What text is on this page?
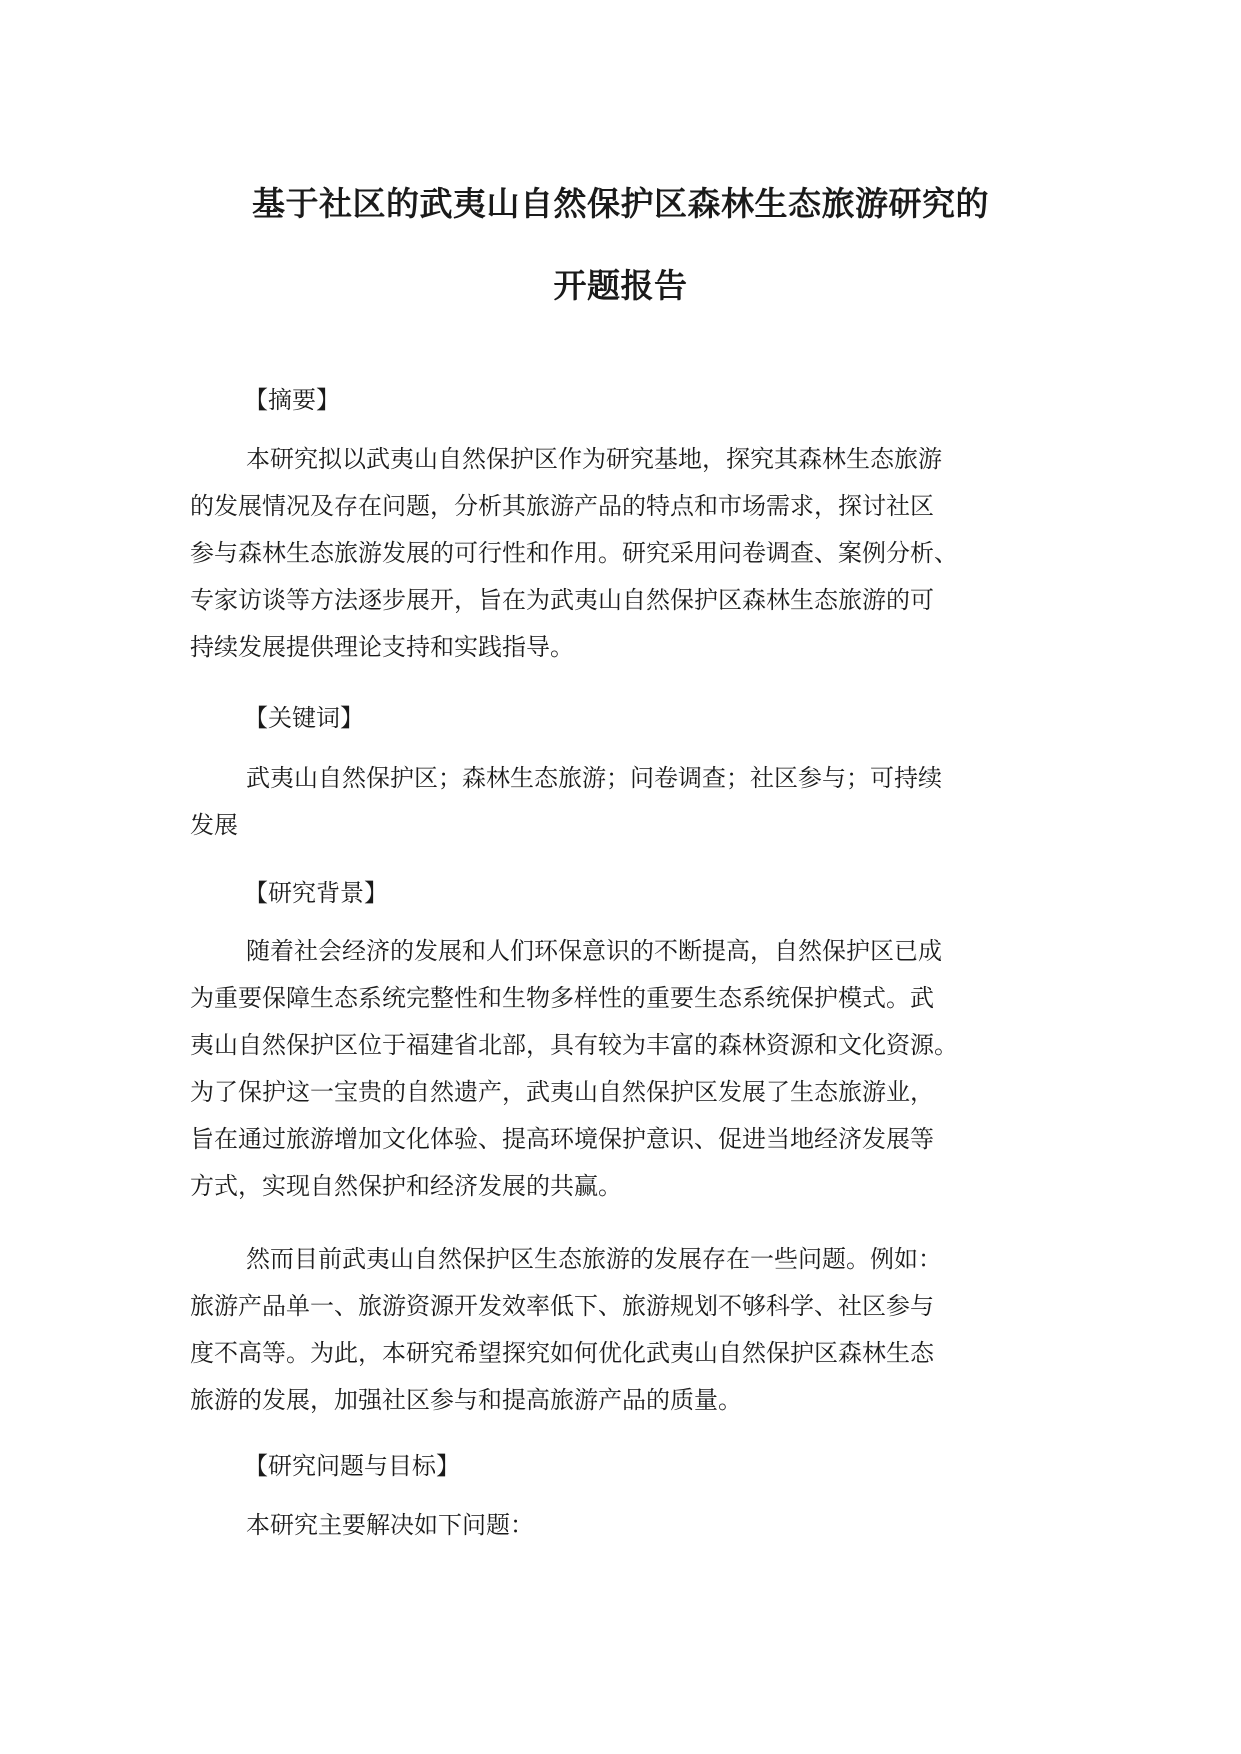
基于社区的武夷山自然保护区森林生态旅游研究的
开题报告
【摘要】

本研究拟以武夷山自然保护区作为研究基地，探究其森林生态旅游
的发展情况及存在问题，分析其旅游产品的特点和市场需求，探讨社区
参与森林生态旅游发展的可行性和作用。研究采用问卷调查、案例分析、
专家访谈等方法逐步展开，旨在为武夷山自然保护区森林生态旅游的可
持续发展提供理论支持和实践指导。

【关键词】

武夷山自然保护区；森林生态旅游；问卷调查；社区参与；可持续
发展

【研究背景】

随着社会经济的发展和人们环保意识的不断提高，自然保护区已成
为重要保障生态系统完整性和生物多样性的重要生态系统保护模式。武
夷山自然保护区位于福建省北部，具有较为丰富的森林资源和文化资源。
为了保护这一宝贵的自然遗产，武夷山自然保护区发展了生态旅游业，
旨在通过旅游增加文化体验、提高环境保护意识、促进当地经济发展等
方式，实现自然保护和经济发展的共赢。

然而目前武夷山自然保护区生态旅游的发展存在一些问题。例如：
旅游产品单一、旅游资源开发效率低下、旅游规划不够科学、社区参与
度不高等。为此，本研究希望探究如何优化武夷山自然保护区森林生态
旅游的发展，加强社区参与和提高旅游产品的质量。

【研究问题与目标】

本研究主要解决如下问题：
